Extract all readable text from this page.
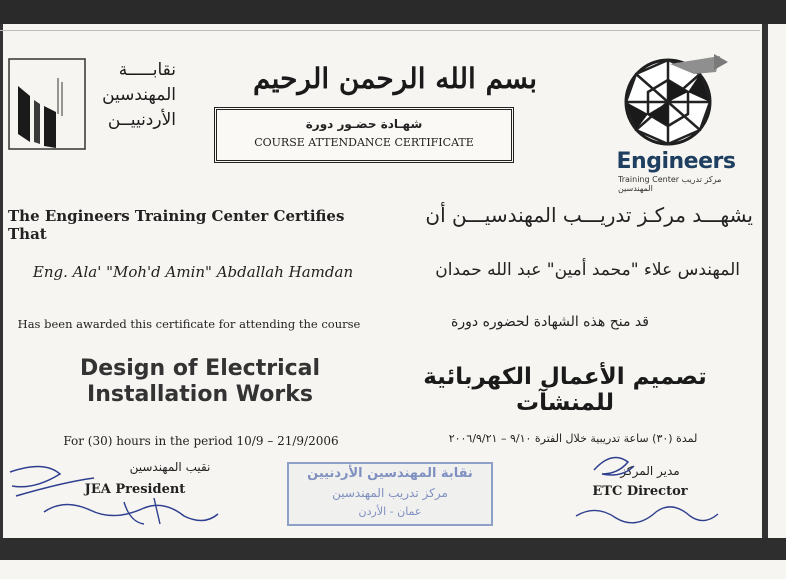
نقابـــــة
المهندسين
الأردنييــن
بسم الله الرحمن الرحيم
شهـادة حضـور دورة
COURSE ATTENDANCE CERTIFICATE
Engineers
Training Center مركز تدريب المهندسين
The Engineers Training Center Certifies That
يشهـــد مركـز تدريـــب المهندسيـــن أن
Eng. Ala' "Moh'd Amin" Abdallah Hamdan	المهندس علاء "محمد أمين" عبد الله حمدان
Has been awarded this certificate for attending the course	قد منح هذه الشهادة لحضوره دورة
Design of Electrical
Installation Works
تصميم الأعمال الكهربائية للمنشآت
For (30) hours in the period 10/9 – 21/9/2006	لمدة (٣٠) ساعة تدريبية خلال الفترة ٩/١٠ – ٢٠٠٦/٩/٢١
نقيب المهندسين
JEA President
مدير المركز
ETC Director
نقابة المهندسين الأردنيين
مركز تدريب المهندسين
عمان - الأردن
